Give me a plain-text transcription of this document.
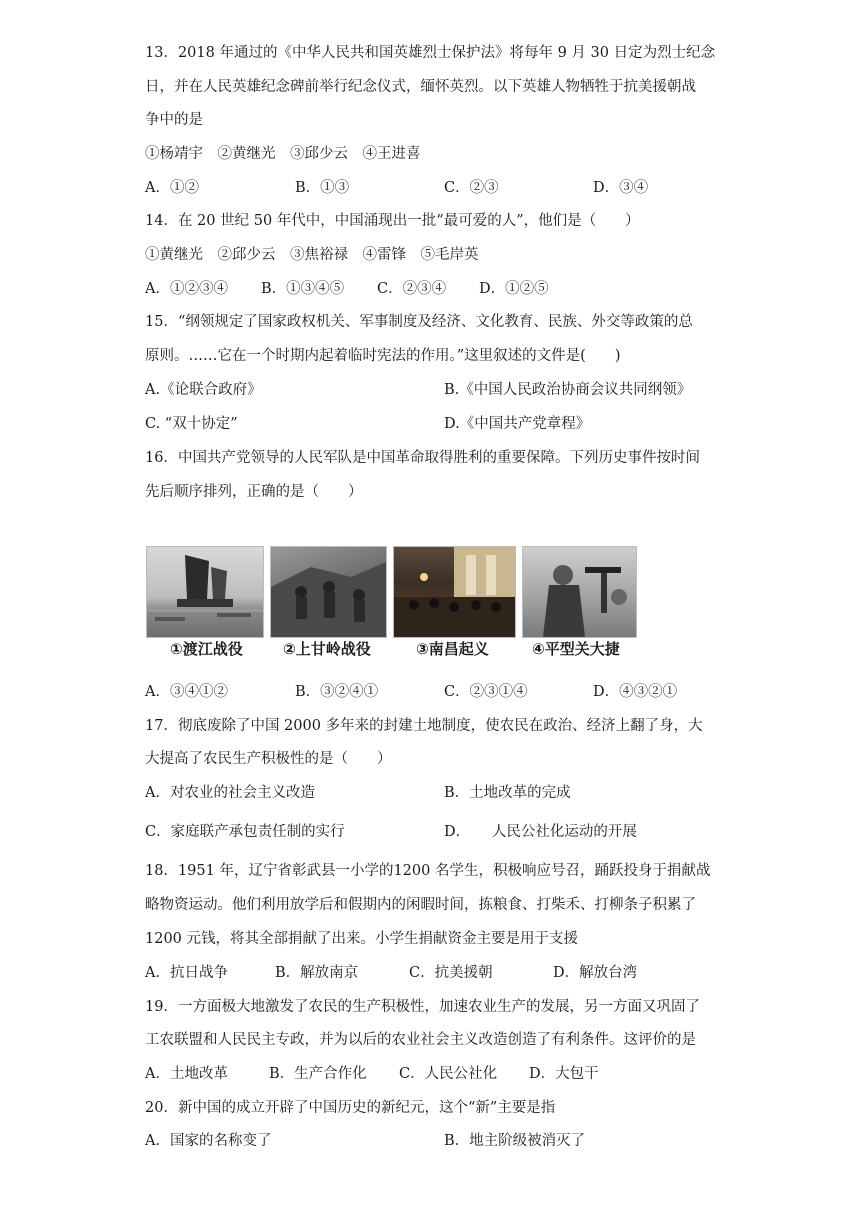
13．2018 年通过的《中华人民共和国英雄烈士保护法》将每年 9 月 30 日定为烈士纪念
日，并在人民英雄纪念碑前举行纪念仪式，缅怀英烈。以下英雄人物牺牲于抗美援朝战
争中的是
①杨靖宇　②黄继光　③邱少云　④王进喜
A．①②	B．①③	C．②③	D．③④
14．在 20 世纪 50 年代中，中国涌现出一批“最可爱的人”，他们是（　　）
①黄继光　②邱少云　③焦裕禄　④雷锋　⑤毛岸英
A．①②③④ B．①③④⑤ C．②③④ D．①②⑤
15．“纲领规定了国家政权机关、军事制度及经济、文化教育、民族、外交等政策的总
原则。……它在一个时期内起着临时宪法的作用。”这里叙述的文件是(　　)
A.《论联合政府》	B.《中国人民政治协商会议共同纲领》
C. “双十协定”	D.《中国共产党章程》
16．中国共产党领导的人民军队是中国革命取得胜利的重要保障。下列历史事件按时间
先后顺序排列，正确的是（　　）
①渡江战役	②上甘岭战役	③南昌起义	④平型关大捷
A．③④①②	B．③②④①	C．②③①④	D．④③②①
17．彻底废除了中国 2000 多年来的封建土地制度，使农民在政治、经济上翻了身，大
大提高了农民生产积极性的是（　　）
A．对农业的社会主义改造	B．土地改革的完成
C．家庭联产承包责任制的实行	D．　　人民公社化运动的开展
18．1951 年，辽宁省彰武县一小学的1200 名学生，积极响应号召，踊跃投身于捐献战
略物资运动。他们利用放学后和假期内的闲暇时间，拣粮食、打柴禾、打柳条子积累了
1200 元钱，将其全部捐献了出来。小学生捐献资金主要是用于支援
A．抗日战争	B．解放南京	C．抗美援朝	D．解放台湾
19．一方面极大地激发了农民的生产积极性，加速农业生产的发展，另一方面又巩固了
工农联盟和人民民主专政，并为以后的农业社会主义改造创造了有利条件。这评价的是
A．土地改革	B．生产合作化 C．人民公社化 D．大包干
20．新中国的成立开辟了中国历史的新纪元，这个“新”主要是指
A．国家的名称变了	B．地主阶级被消灭了
